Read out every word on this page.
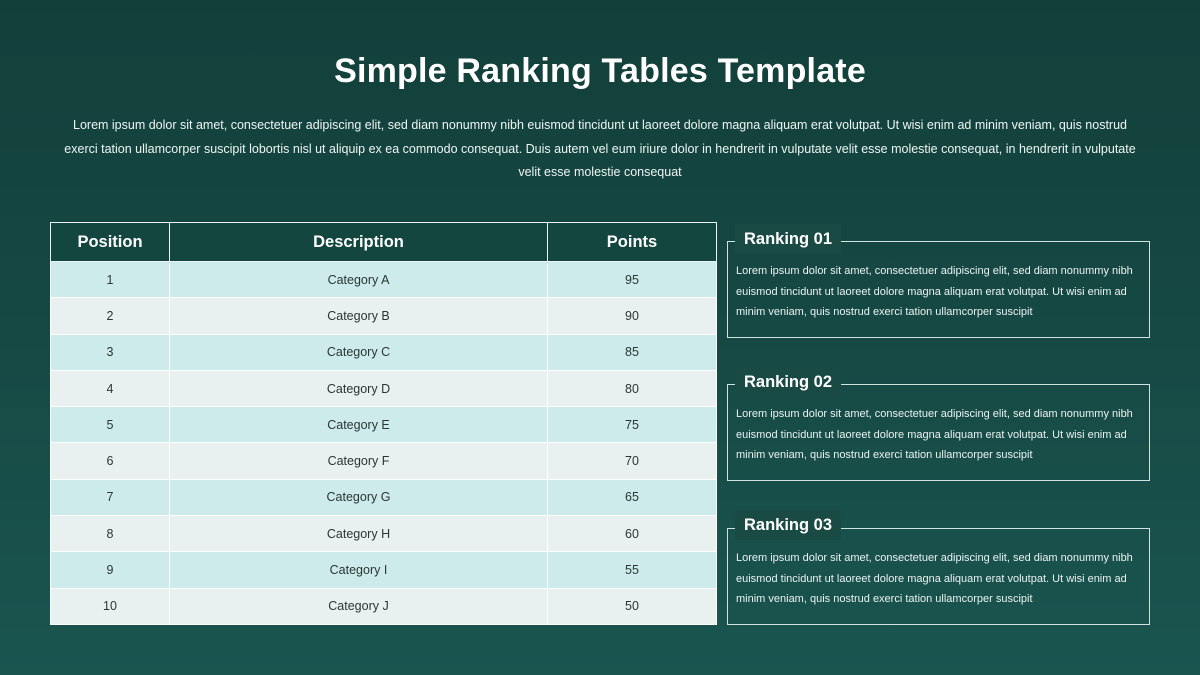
Simple Ranking Tables Template
Lorem ipsum dolor sit amet, consectetuer adipiscing elit, sed diam nonummy nibh euismod tincidunt ut laoreet dolore magna aliquam erat volutpat. Ut wisi enim ad minim veniam, quis nostrud exerci tation ullamcorper suscipit lobortis nisl ut aliquip ex ea commodo consequat. Duis autem vel eum iriure dolor in hendrerit in vulputate velit esse molestie consequat, in hendrerit in vulputate velit esse molestie consequat
Position	Description	Points
1	Category A	95
2	Category B	90
3	Category C	85
4	Category D	80
5	Category E	75
6	Category F	70
7	Category G	65
8	Category H	60
9	Category I	55
10	Category J	50
Lorem ipsum dolor sit amet, consectetuer adipiscing elit, sed diam nonummy nibh euismod tincidunt ut laoreet dolore magna aliquam erat volutpat. Ut wisi enim ad minim veniam, quis nostrud exerci tation ullamcorper suscipit
Ranking 01
Lorem ipsum dolor sit amet, consectetuer adipiscing elit, sed diam nonummy nibh euismod tincidunt ut laoreet dolore magna aliquam erat volutpat. Ut wisi enim ad minim veniam, quis nostrud exerci tation ullamcorper suscipit
Ranking 02
Lorem ipsum dolor sit amet, consectetuer adipiscing elit, sed diam nonummy nibh euismod tincidunt ut laoreet dolore magna aliquam erat volutpat. Ut wisi enim ad minim veniam, quis nostrud exerci tation ullamcorper suscipit
Ranking 03
